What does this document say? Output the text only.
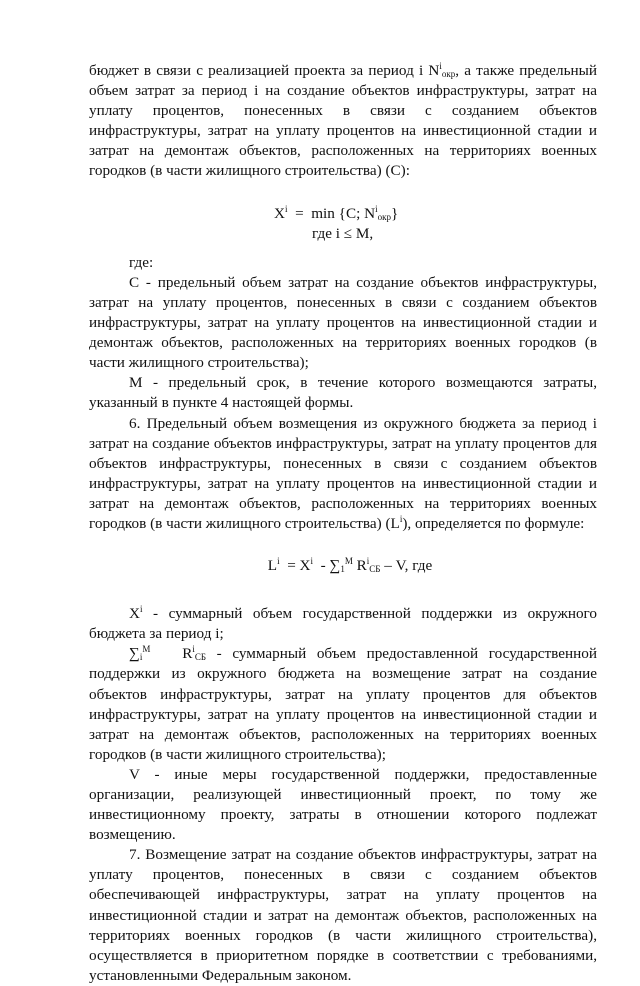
бюджет в связи с реализацией проекта за период i $N^i_{окр}$, а также предельный объем затрат за период i на создание объектов инфраструктуры, затрат на уплату процентов, понесенных в связи с созданием объектов инфраструктуры, затрат на уплату процентов на инвестиционной стадии и затрат на демонтаж объектов, расположенных на территориях военных городков (в части жилищного строительства) (С):

$X^i = \min \{С$; $N^i_{окр}$}
где i ≤ M,

где:

С - предельный объем затрат на создание объектов инфраструктуры, затрат на уплату процентов, понесенных в связи с созданием объектов инфраструктуры, затрат на уплату процентов на инвестиционной стадии и демонтаж объектов, расположенных на территориях военных городков (в части жилищного строительства);

M - предельный срок, в течение которого возмещаются затраты, указанный в пункте 4 настоящей формы.

6. Предельный объем возмещения из окружного бюджета за период i затрат на создание объектов инфраструктуры, затрат на уплату процентов для объектов инфраструктуры, понесенных в связи с созданием объектов инфраструктуры, затрат на уплату процентов на инвестиционной стадии и затрат на демонтаж объектов, расположенных на территориях военных городков (в части жилищного строительства) $(L^i)$, определяется по формуле:

$L^i = X^i - \sum_1^M$ $R^i_{СБ}$ – V, где

$X^i$ - суммарный объем государственной поддержки из окружного бюджета за период i;

$\sum_i^M$   $R^i_{СБ}$ - суммарный объем предоставленной государственной поддержки из окружного бюджета на возмещение затрат на создание объектов инфраструктуры, затрат на уплату процентов для объектов инфраструктуры, затрат на уплату процентов на инвестиционной стадии и затрат на демонтаж объектов, расположенных на территориях военных городков (в части жилищного строительства);

V - иные меры государственной поддержки, предоставленные организации, реализующей инвестиционный проект, по тому же инвестиционному проекту, затраты в отношении которого подлежат возмещению.

7. Возмещение затрат на создание объектов инфраструктуры, затрат на уплату процентов, понесенных в связи с созданием объектов обеспечивающей инфраструктуры, затрат на уплату процентов на инвестиционной стадии и затрат на демонтаж объектов, расположенных на территориях военных городков (в части жилищного строительства), осуществляется в приоритетном порядке в соответствии с требованиями, установленными Федеральным законом.
